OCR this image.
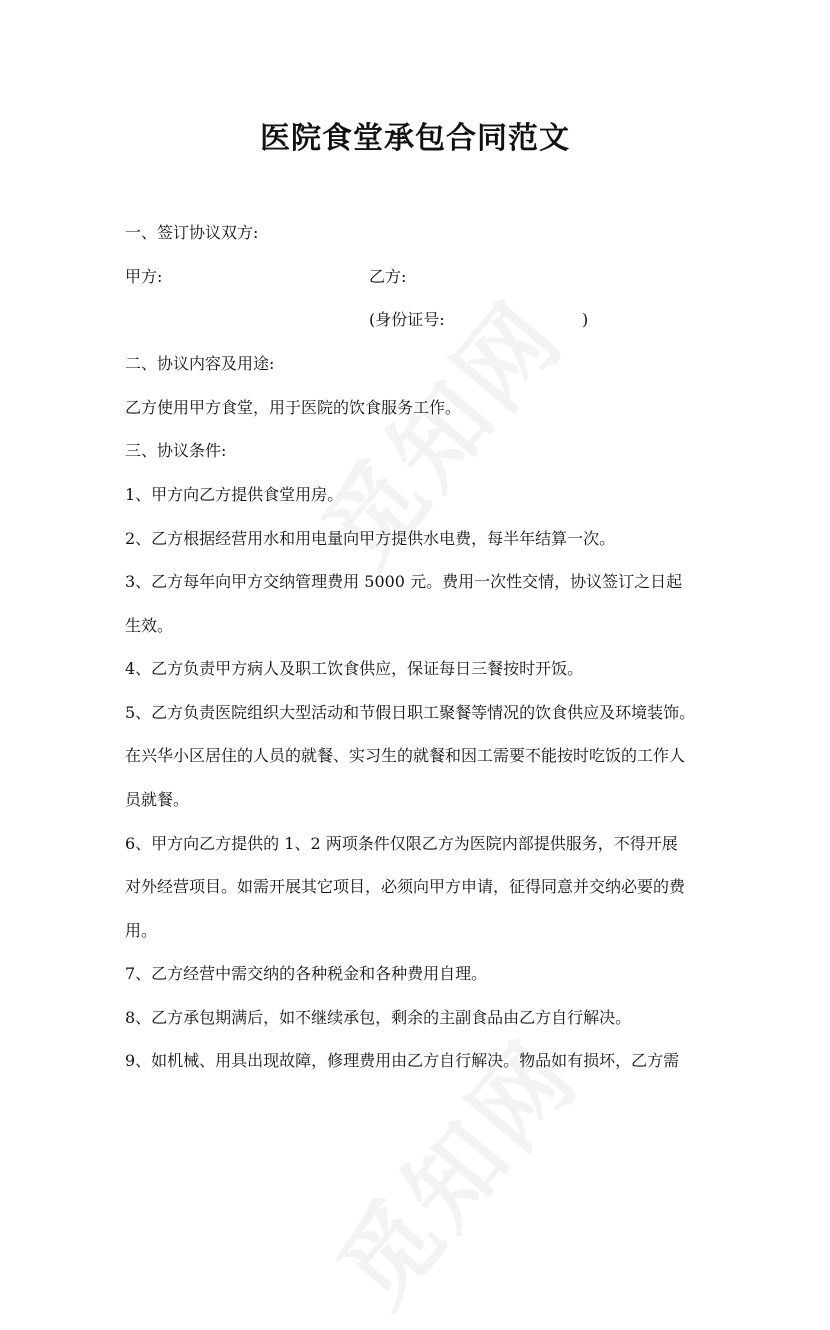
医院食堂承包合同范文
一、签订协议双方:
甲方:	乙方:
(身份证号:	)
二、协议内容及用途:
乙方使用甲方食堂，用于医院的饮食服务工作。
三、协议条件:
1、甲方向乙方提供食堂用房。
2、乙方根据经营用水和用电量向甲方提供水电费，每半年结算一次。
3、乙方每年向甲方交纳管理费用 5000 元。费用一次性交情，协议签订之日起
生效。
4、乙方负责甲方病人及职工饮食供应，保证每日三餐按时开饭。
5、乙方负责医院组织大型活动和节假日职工聚餐等情况的饮食供应及环境装饰。
在兴华小区居住的人员的就餐、实习生的就餐和因工需要不能按时吃饭的工作人
员就餐。
6、甲方向乙方提供的 1、2 两项条件仅限乙方为医院内部提供服务，不得开展
对外经营项目。如需开展其它项目，必须向甲方申请，征得同意并交纳必要的费
用。
7、乙方经营中需交纳的各种税金和各种费用自理。
8、乙方承包期满后，如不继续承包，剩余的主副食品由乙方自行解决。
9、如机械、用具出现故障，修理费用由乙方自行解决。物品如有损坏，乙方需
